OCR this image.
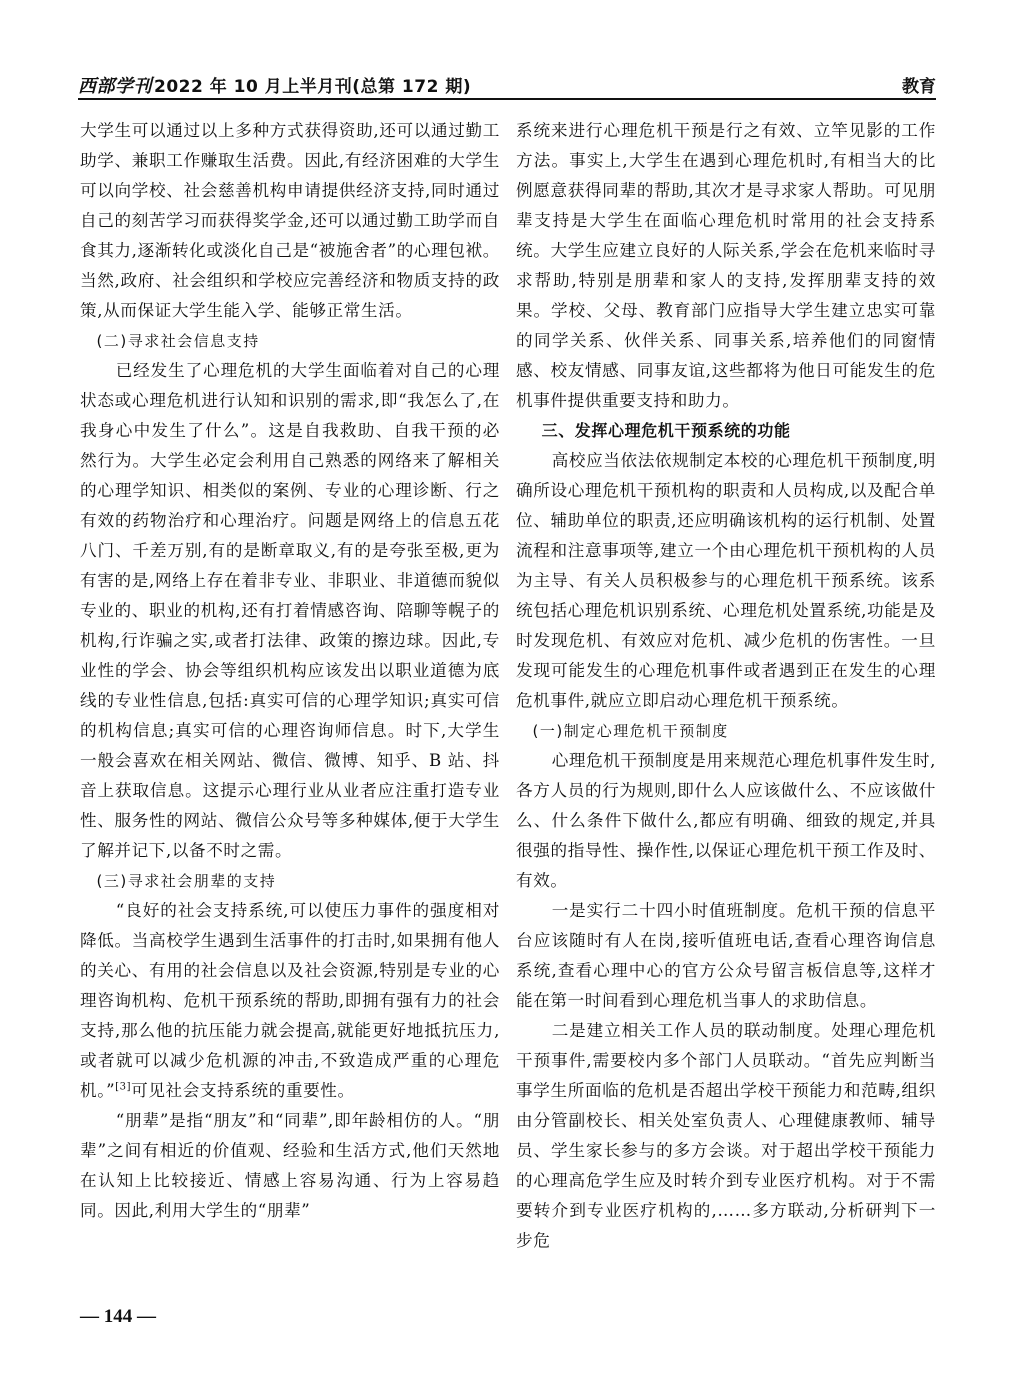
西部学刊 2022 年 10 月上半月刊(总第 172 期)	教育

大学生可以通过以上多种方式获得资助,还可以通过勤工助学、兼职工作赚取生活费。因此,有经济困难的大学生可以向学校、社会慈善机构申请提供经济支持,同时通过自己的刻苦学习而获得奖学金,还可以通过勤工助学而自食其力,逐渐转化或淡化自己是“被施舍者”的心理包袱。当然,政府、社会组织和学校应完善经济和物质支持的政策,从而保证大学生能入学、能够正常生活。

(二)寻求社会信息支持

已经发生了心理危机的大学生面临着对自己的心理状态或心理危机进行认知和识别的需求,即“我怎么了,在我身心中发生了什么”。这是自我救助、自我干预的必然行为。大学生必定会利用自己熟悉的网络来了解相关的心理学知识、相类似的案例、专业的心理诊断、行之有效的药物治疗和心理治疗。问题是网络上的信息五花八门、千差万别,有的是断章取义,有的是夸张至极,更为有害的是,网络上存在着非专业、非职业、非道德而貌似专业的、职业的机构,还有打着情感咨询、陪聊等幌子的机构,行诈骗之实,或者打法律、政策的擦边球。因此,专业性的学会、协会等组织机构应该发出以职业道德为底线的专业性信息,包括:真实可信的心理学知识;真实可信的机构信息;真实可信的心理咨询师信息。时下,大学生一般会喜欢在相关网站、微信、微博、知乎、B 站、抖音上获取信息。这提示心理行业从业者应注重打造专业性、服务性的网站、微信公众号等多种媒体,便于大学生了解并记下,以备不时之需。

(三)寻求社会朋辈的支持

“良好的社会支持系统,可以使压力事件的强度相对降低。当高校学生遇到生活事件的打击时,如果拥有他人的关心、有用的社会信息以及社会资源,特别是专业的心理咨询机构、危机干预系统的帮助,即拥有强有力的社会支持,那么他的抗压能力就会提高,就能更好地抵抗压力,或者就可以减少危机源的冲击,不致造成严重的心理危机。”[3]可见社会支持系统的重要性。

“朋辈”是指“朋友”和“同辈”,即年龄相仿的人。“朋辈”之间有相近的价值观、经验和生活方式,他们天然地在认知上比较接近、情感上容易沟通、行为上容易趋同。因此,利用大学生的“朋辈”

系统来进行心理危机干预是行之有效、立竿见影的工作方法。事实上,大学生在遇到心理危机时,有相当大的比例愿意获得同辈的帮助,其次才是寻求家人帮助。可见朋辈支持是大学生在面临心理危机时常用的社会支持系统。大学生应建立良好的人际关系,学会在危机来临时寻求帮助,特别是朋辈和家人的支持,发挥朋辈支持的效果。学校、父母、教育部门应指导大学生建立忠实可靠的同学关系、伙伴关系、同事关系,培养他们的同窗情感、校友情感、同事友谊,这些都将为他日可能发生的危机事件提供重要支持和助力。

三、发挥心理危机干预系统的功能

高校应当依法依规制定本校的心理危机干预制度,明确所设心理危机干预机构的职责和人员构成,以及配合单位、辅助单位的职责,还应明确该机构的运行机制、处置流程和注意事项等,建立一个由心理危机干预机构的人员为主导、有关人员积极参与的心理危机干预系统。该系统包括心理危机识别系统、心理危机处置系统,功能是及时发现危机、有效应对危机、减少危机的伤害性。一旦发现可能发生的心理危机事件或者遇到正在发生的心理危机事件,就应立即启动心理危机干预系统。

(一)制定心理危机干预制度

心理危机干预制度是用来规范心理危机事件发生时,各方人员的行为规则,即什么人应该做什么、不应该做什么、什么条件下做什么,都应有明确、细致的规定,并具很强的指导性、操作性,以保证心理危机干预工作及时、有效。

一是实行二十四小时值班制度。危机干预的信息平台应该随时有人在岗,接听值班电话,查看心理咨询信息系统,查看心理中心的官方公众号留言板信息等,这样才能在第一时间看到心理危机当事人的求助信息。

二是建立相关工作人员的联动制度。处理心理危机干预事件,需要校内多个部门人员联动。“首先应判断当事学生所面临的危机是否超出学校干预能力和范畴,组织由分管副校长、相关处室负责人、心理健康教师、辅导员、学生家长参与的多方会谈。对于超出学校干预能力的心理高危学生应及时转介到专业医疗机构。对于不需要转介到专业医疗机构的,……多方联动,分析研判下一步危

— 144 —
